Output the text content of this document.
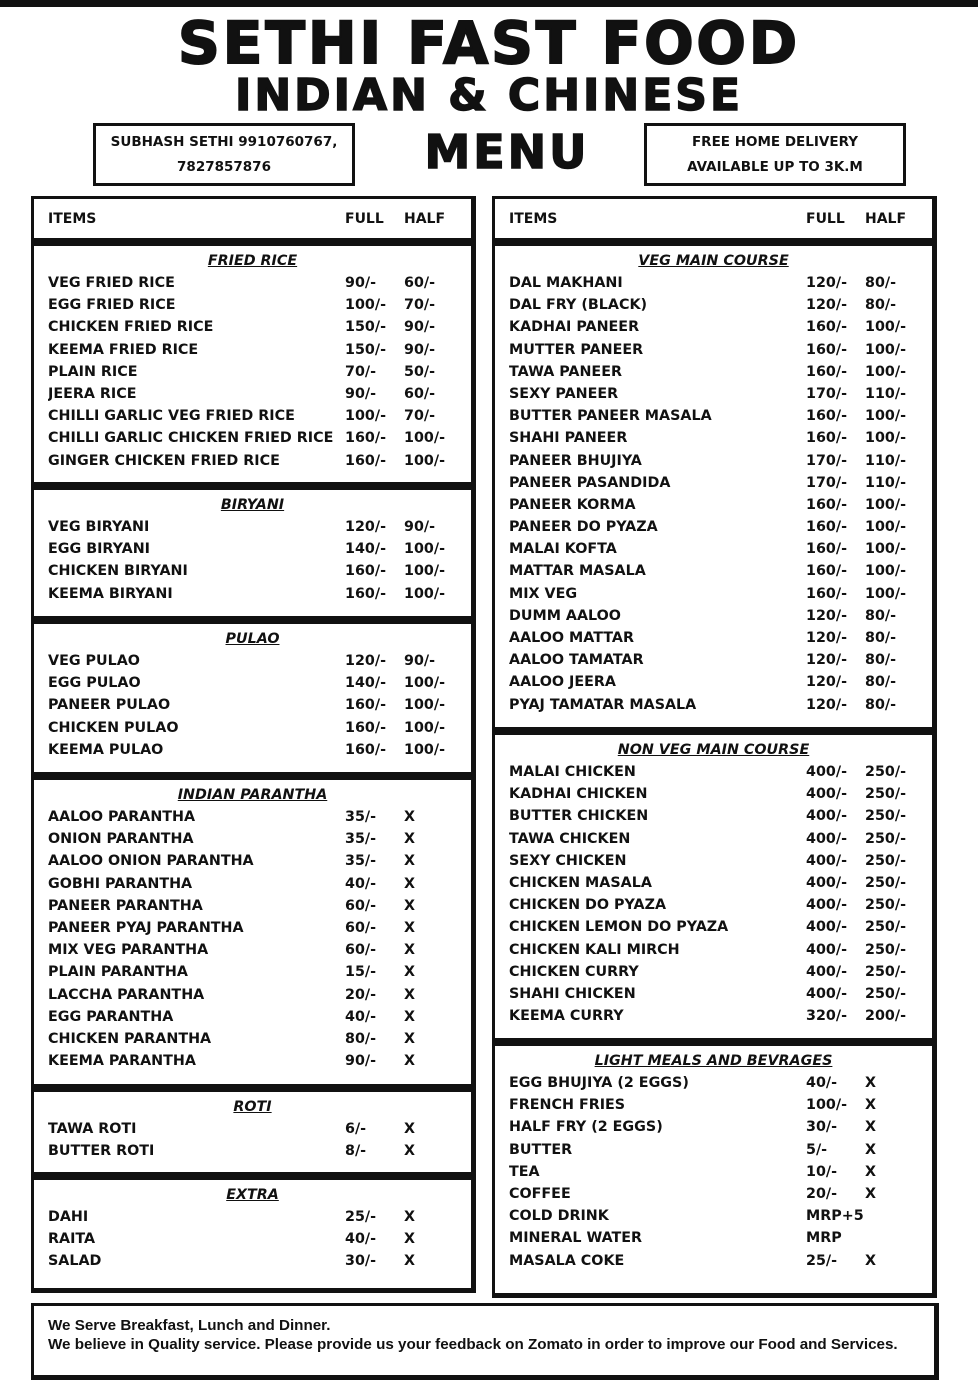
SETHI FAST FOOD
INDIAN & CHINESE
MENU
SUBHASH SETHI 9910760767,
7827857876
FREE HOME DELIVERY
AVAILABLE UP TO 3K.M
ITEMS	FULL	HALF
FRIED RICE
VEG FRIED RICE	90/-	60/-
EGG FRIED RICE	100/-	70/-
CHICKEN FRIED RICE	150/-	90/-
KEEMA FRIED RICE	150/-	90/-
PLAIN RICE	70/-	50/-
JEERA RICE	90/-	60/-
CHILLI GARLIC VEG FRIED RICE	100/-	70/-
CHILLI GARLIC CHICKEN FRIED RICE 160/-	100/-
GINGER CHICKEN FRIED RICE	160/-	100/-
BIRYANI
VEG BIRYANI	120/-	90/-
EGG BIRYANI	140/-	100/-
CHICKEN BIRYANI	160/-	100/-
KEEMA BIRYANI	160/-	100/-
PULAO
VEG PULAO	120/-	90/-
EGG PULAO	140/-	100/-
PANEER PULAO	160/-	100/-
CHICKEN PULAO	160/-	100/-
KEEMA PULAO	160/-	100/-
INDIAN PARANTHA
AALOO PARANTHA	35/-	X
ONION PARANTHA	35/-	X
AALOO ONION PARANTHA	35/-	X
GOBHI PARANTHA	40/-	X
PANEER PARANTHA	60/-	X
PANEER PYAJ PARANTHA	60/-	X
MIX VEG PARANTHA	60/-	X
PLAIN PARANTHA	15/-	X
LACCHA PARANTHA	20/-	X
EGG PARANTHA	40/-	X
CHICKEN PARANTHA	80/-	X
KEEMA PARANTHA	90/-	X
ROTI
TAWA ROTI	6/-	X
BUTTER ROTI	8/-	X
EXTRA
DAHI	25/-	X
RAITA	40/-	X
SALAD	30/-	X
ITEMS	FULL	HALF
VEG MAIN COURSE
DAL MAKHANI	120/-	80/-
DAL FRY (BLACK)	120/-	80/-
KADHAI PANEER	160/-	100/-
MUTTER PANEER	160/-	100/-
TAWA PANEER	160/-	100/-
SEXY PANEER	170/-	110/-
BUTTER PANEER MASALA	160/-	100/-
SHAHI PANEER	160/-	100/-
PANEER BHUJIYA	170/-	110/-
PANEER PASANDIDA	170/-	110/-
PANEER KORMA	160/-	100/-
PANEER DO PYAZA	160/-	100/-
MALAI KOFTA	160/-	100/-
MATTAR MASALA	160/-	100/-
MIX VEG	160/-	100/-
DUMM AALOO	120/-	80/-
AALOO MATTAR	120/-	80/-
AALOO TAMATAR	120/-	80/-
AALOO JEERA	120/-	80/-
PYAJ TAMATAR MASALA	120/-	80/-
NON VEG MAIN COURSE
MALAI CHICKEN	400/-	250/-
KADHAI CHICKEN	400/-	250/-
BUTTER CHICKEN	400/-	250/-
TAWA CHICKEN	400/-	250/-
SEXY CHICKEN	400/-	250/-
CHICKEN MASALA	400/-	250/-
CHICKEN DO PYAZA	400/-	250/-
CHICKEN LEMON DO PYAZA	400/-	250/-
CHICKEN KALI MIRCH	400/-	250/-
CHICKEN CURRY	400/-	250/-
SHAHI CHICKEN	400/-	250/-
KEEMA CURRY	320/-	200/-
LIGHT MEALS AND BEVRAGES
EGG BHUJIYA (2 EGGS)	40/-	X
FRENCH FRIES	100/-	X
HALF FRY (2 EGGS)	30/-	X
BUTTER	5/-	X
TEA	10/-	X
COFFEE	20/-	X
COLD DRINK	MRP+5
MINERAL WATER	MRP
MASALA COKE	25/-	X
We Serve Breakfast, Lunch and Dinner.
We believe in Quality service. Please provide us your feedback on Zomato in order to improve our Food and Services.
